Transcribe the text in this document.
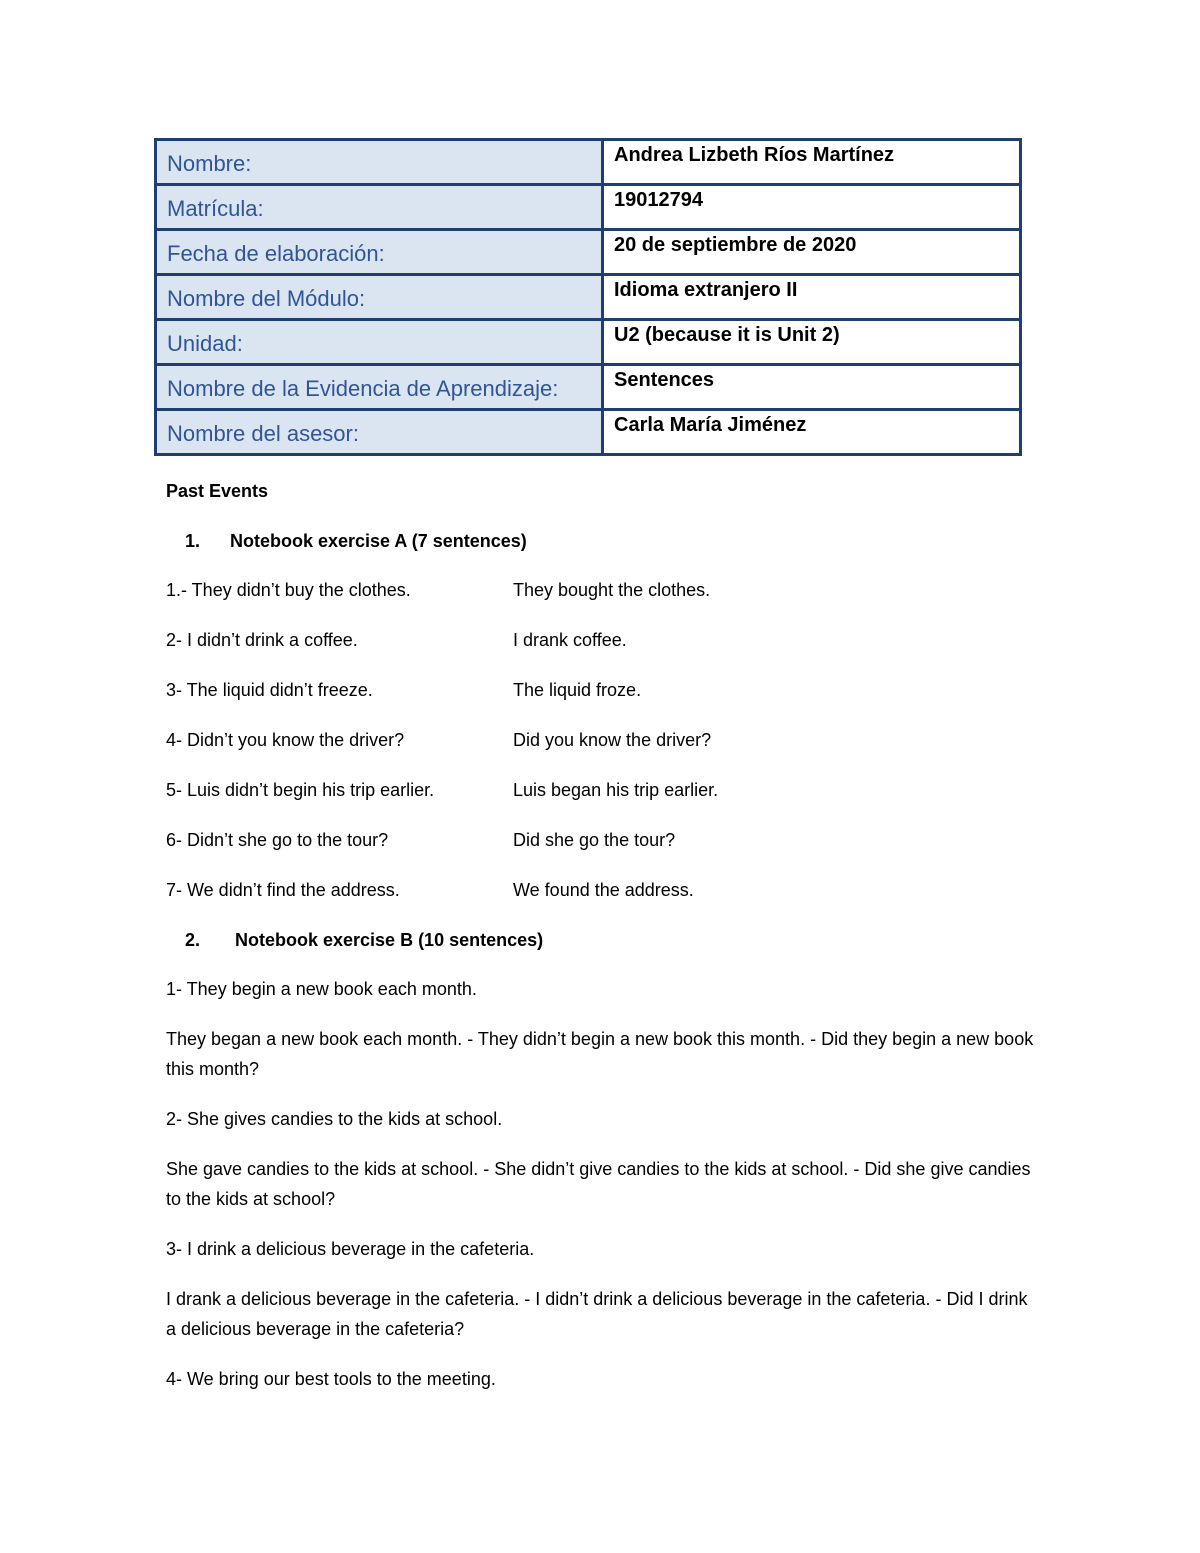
Nombre:	Andrea Lizbeth Ríos Martínez
Matrícula:	19012794
Fecha de elaboración:	20 de septiembre de 2020
Nombre del Módulo:	Idioma extranjero II
Unidad:	U2 (because it is Unit 2)
Nombre de la Evidencia de Aprendizaje:	Sentences
Nombre del asesor:	Carla María Jiménez

Past Events

1. Notebook exercise A (7 sentences)

1.- They didn’t buy the clothes.	They bought the clothes.
2- I didn’t drink a coffee.	I drank coffee.
3- The liquid didn’t freeze.	The liquid froze.
4- Didn’t you know the driver?	Did you know the driver?
5- Luis didn’t begin his trip earlier.	Luis began his trip earlier.
6- Didn’t she go to the tour?	Did she go the tour?
7- We didn’t find the address.	We found the address.

2. Notebook exercise B (10 sentences)

1- They begin a new book each month.

They began a new book each month. - They didn’t begin a new book this month. - Did they begin a new book this month?

2- She gives candies to the kids at school.

She gave candies to the kids at school. - She didn’t give candies to the kids at school. - Did she give candies to the kids at school?

3- I drink a delicious beverage in the cafeteria.

I drank a delicious beverage in the cafeteria. - I didn’t drink a delicious beverage in the cafeteria. - Did I drink a delicious beverage in the cafeteria?

4- We bring our best tools to the meeting.
